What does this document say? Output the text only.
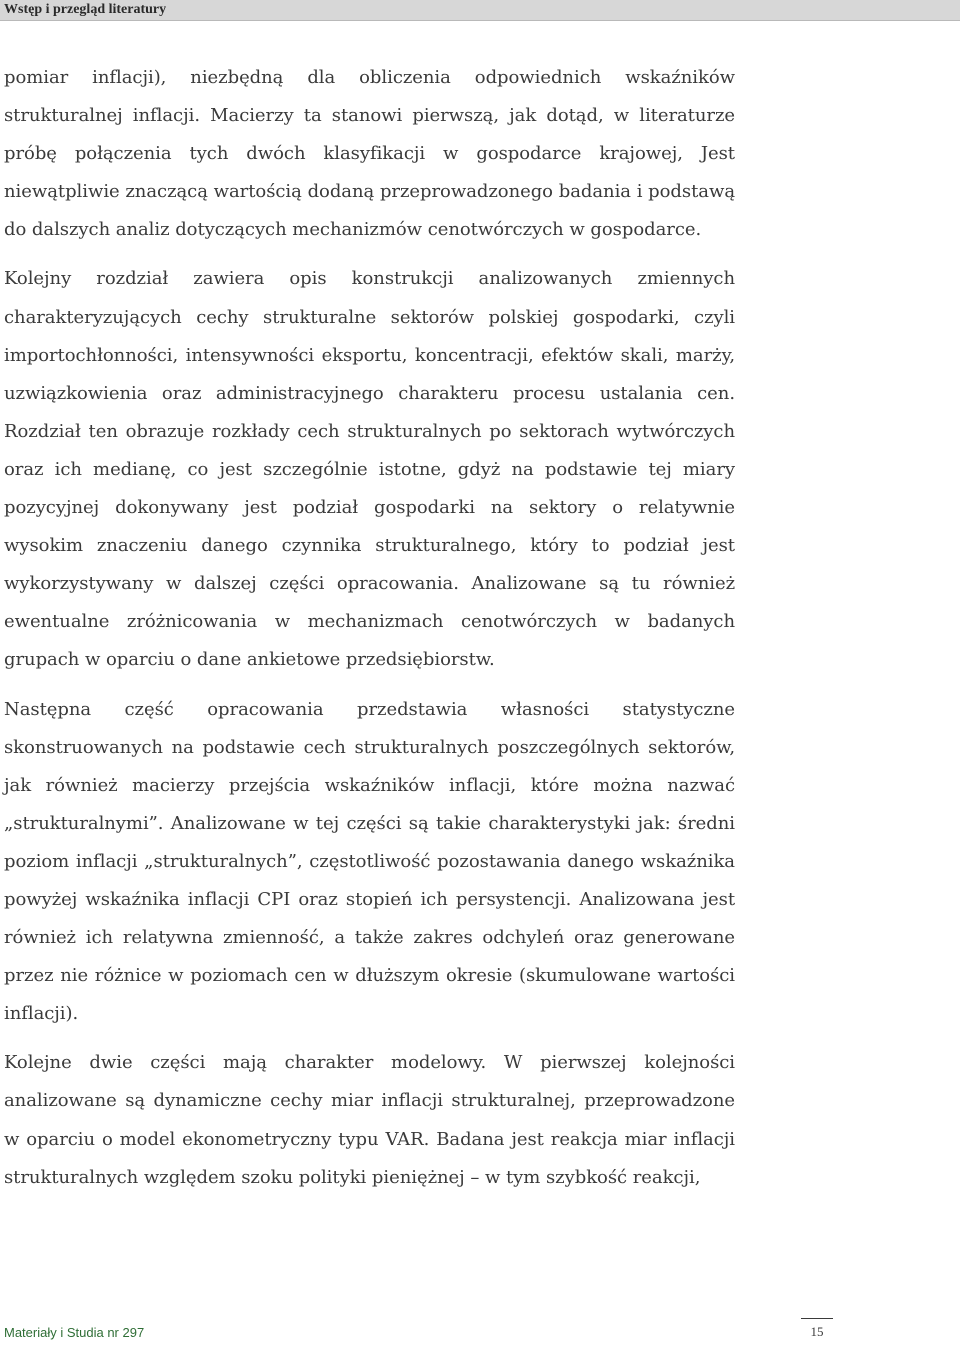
Wstęp i przegląd literatury

pomiar inflacji), niezbędną dla obliczenia odpowiednich wskaźników strukturalnej inflacji. Macierzy ta stanowi pierwszą, jak dotąd, w literaturze próbę połączenia tych dwóch klasyfikacji w gospodarce krajowej, Jest niewątpliwie znaczącą wartością dodaną przeprowadzonego badania i podstawą do dalszych analiz dotyczących mechanizmów cenotwórczych w gospodarce.

Kolejny rozdział zawiera opis konstrukcji analizowanych zmiennych charakteryzujących cechy strukturalne sektorów polskiej gospodarki, czyli importochłonności, intensywności eksportu, koncentracji, efektów skali, marży, uzwiązkowienia oraz administracyjnego charakteru procesu ustalania cen. Rozdział ten obrazuje rozkłady cech strukturalnych po sektorach wytwórczych oraz ich medianę, co jest szczególnie istotne, gdyż na podstawie tej miary pozycyjnej dokonywany jest podział gospodarki na sektory o relatywnie wysokim znaczeniu danego czynnika strukturalnego, który to podział jest wykorzystywany w dalszej części opracowania. Analizowane są tu również ewentualne zróżnicowania w mechanizmach cenotwórczych w badanych grupach w oparciu o dane ankietowe przedsiębiorstw.

Następna część opracowania przedstawia własności statystyczne skonstruowanych na podstawie cech strukturalnych poszczególnych sektorów, jak również macierzy przejścia wskaźników inflacji, które można nazwać „strukturalnymi”. Analizowane w tej części są takie charakterystyki jak: średni poziom inflacji „strukturalnych”, częstotliwość pozostawania danego wskaźnika powyżej wskaźnika inflacji CPI oraz stopień ich persystencji. Analizowana jest również ich relatywna zmienność, a także zakres odchyleń oraz generowane przez nie różnice w poziomach cen w dłuższym okresie (skumulowane wartości inflacji).

Kolejne dwie części mają charakter modelowy. W pierwszej kolejności analizowane są dynamiczne cechy miar inflacji strukturalnej, przeprowadzone w oparciu o model ekonometryczny typu VAR. Badana jest reakcja miar inflacji strukturalnych względem szoku polityki pieniężnej – w tym szybkość reakcji,

Materiały i Studia nr 297	15
